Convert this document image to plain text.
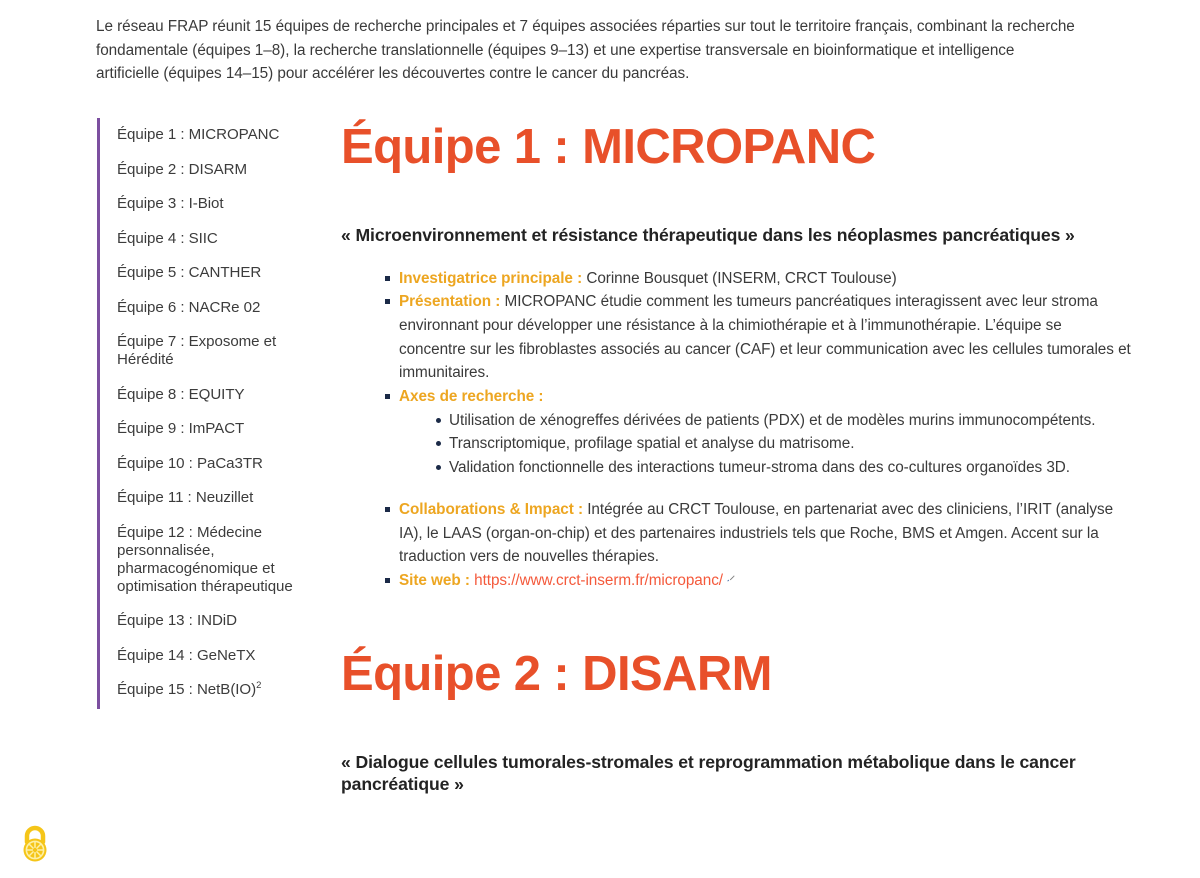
Le réseau FRAP réunit 15 équipes de recherche principales et 7 équipes associées réparties sur tout le territoire français, combinant la recherche fondamentale (équipes 1–8), la recherche translationnelle (équipes 9–13) et une expertise transversale en bioinformatique et intelligence artificielle (équipes 14–15) pour accélérer les découvertes contre le cancer du pancréas.

Équipe 1 : MICROPANC
Équipe 2 : DISARM
Équipe 3 : I-Biot
Équipe 4 : SIIC
Équipe 5 : CANTHER
Équipe 6 : NACRe 02
Équipe 7 : Exposome et Hérédité
Équipe 8 : EQUITY
Équipe 9 : ImPACT
Équipe 10 : PaCa3TR
Équipe 11 : Neuzillet
Équipe 12 : Médecine personnalisée, pharmacogénomique et optimisation thérapeutique
Équipe 13 : INDiD
Équipe 14 : GeNeTX
Équipe 15 : NetB(IO)$^2$
Équipe 1 : MICROPANC
« Microenvironnement et résistance thérapeutique dans les néoplasmes pancréatiques »
Investigatrice principale : Corinne Bousquet (INSERM, CRCT Toulouse)
Présentation : MICROPANC étudie comment les tumeurs pancréatiques interagissent avec leur stroma environnant pour développer une résistance à la chimiothérapie et à l’immunothérapie. L’équipe se concentre sur les fibroblastes associés au cancer (CAF) et leur communication avec les cellules tumorales et immunitaires.
Axes de recherche :
Utilisation de xénogreffes dérivées de patients (PDX) et de modèles murins immunocompétents.
Transcriptomique, profilage spatial et analyse du matrisome.
Validation fonctionnelle des interactions tumeur-stroma dans des co-cultures organoïdes 3D.
Collaborations & Impact : Intégrée au CRCT Toulouse, en partenariat avec des cliniciens, l’IRIT (analyse IA), le LAAS (organ-on-chip) et des partenaires industriels tels que Roche, BMS et Amgen. Accent sur la traduction vers de nouvelles thérapies.
Site web : https://www.crct-inserm.fr/micropanc/
Équipe 2 : DISARM
« Dialogue cellules tumorales-stromales et reprogrammation métabolique dans le cancer pancréatique »
